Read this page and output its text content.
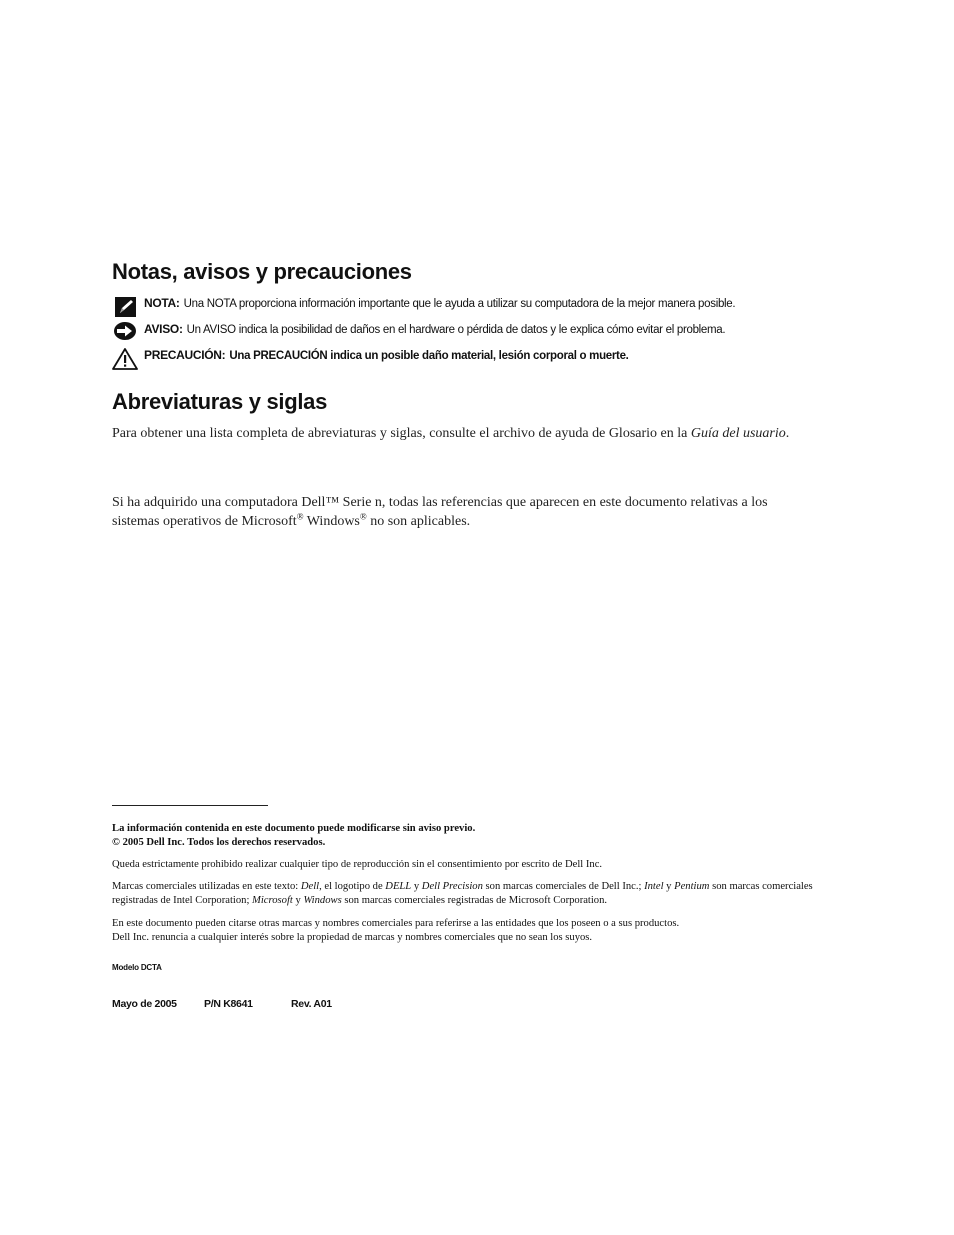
Notas, avisos y precauciones
NOTA: Una NOTA proporciona información importante que le ayuda a utilizar su computadora de la mejor manera posible.
AVISO: Un AVISO indica la posibilidad de daños en el hardware o pérdida de datos y le explica cómo evitar el problema.
PRECAUCIÓN: Una PRECAUCIÓN indica un posible daño material, lesión corporal o muerte.
Abreviaturas y siglas

Para obtener una lista completa de abreviaturas y siglas, consulte el archivo de ayuda de Glosario en la Guía del usuario.

Si ha adquirido una computadora Dell™ Serie n, todas las referencias que aparecen en este documento relativas a los sistemas operativos de Microsoft® Windows® no son aplicables.

La información contenida en este documento puede modificarse sin aviso previo.
© 2005 Dell Inc. Todos los derechos reservados.

Queda estrictamente prohibido realizar cualquier tipo de reproducción sin el consentimiento por escrito de Dell Inc.

Marcas comerciales utilizadas en este texto: Dell, el logotipo de DELL y Dell Precision son marcas comerciales de Dell Inc.; Intel y Pentium son marcas comerciales registradas de Intel Corporation; Microsoft y Windows son marcas comerciales registradas de Microsoft Corporation.

En este documento pueden citarse otras marcas y nombres comerciales para referirse a las entidades que los poseen o a sus productos.
Dell Inc. renuncia a cualquier interés sobre la propiedad de marcas y nombres comerciales que no sean los suyos.

Modelo DCTA
Mayo de 2005	P/N K8641	Rev. A01
